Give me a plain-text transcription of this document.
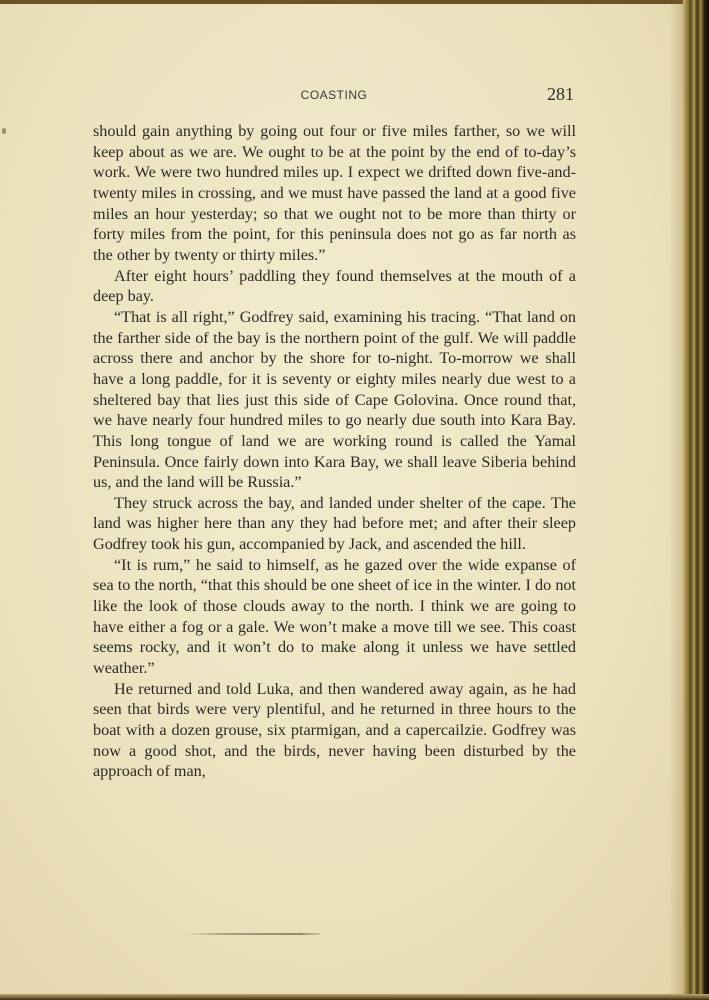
COASTING	281

should gain anything by going out four or five miles farther, so we will keep about as we are. We ought to be at the point by the end of to-day’s work. We were two hundred miles up. I expect we drifted down five-and-twenty miles in crossing, and we must have passed the land at a good five miles an hour yesterday; so that we ought not to be more than thirty or forty miles from the point, for this peninsula does not go as far north as the other by twenty or thirty miles.”

After eight hours’ paddling they found themselves at the mouth of a deep bay.

“That is all right,” Godfrey said, examining his tracing. “That land on the farther side of the bay is the northern point of the gulf. We will paddle across there and anchor by the shore for to-night. To-morrow we shall have a long paddle, for it is seventy or eighty miles nearly due west to a sheltered bay that lies just this side of Cape Golovina. Once round that, we have nearly four hundred miles to go nearly due south into Kara Bay. This long tongue of land we are working round is called the Yamal Peninsula. Once fairly down into Kara Bay, we shall leave Siberia behind us, and the land will be Russia.”

They struck across the bay, and landed under shelter of the cape. The land was higher here than any they had before met; and after their sleep Godfrey took his gun, accompanied by Jack, and ascended the hill.

“It is rum,” he said to himself, as he gazed over the wide expanse of sea to the north, “that this should be one sheet of ice in the winter. I do not like the look of those clouds away to the north. I think we are going to have either a fog or a gale. We won’t make a move till we see. This coast seems rocky, and it won’t do to make along it unless we have settled weather.”

He returned and told Luka, and then wandered away again, as he had seen that birds were very plentiful, and he returned in three hours to the boat with a dozen grouse, six ptarmigan, and a capercailzie. Godfrey was now a good shot, and the birds, never having been disturbed by the approach of man,
